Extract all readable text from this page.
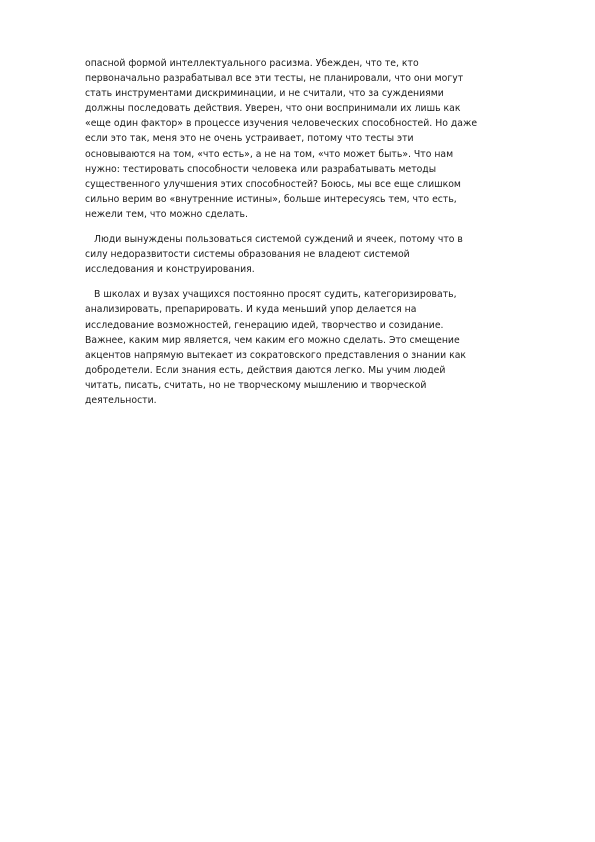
опасной формой интеллектуального расизма. Убежден, что те, кто
первоначально разрабатывал все эти тесты, не планировали, что они могут
стать инструментами дискриминации, и не считали, что за суждениями
должны последовать действия. Уверен, что они воспринимали их лишь как
«еще один фактор» в процессе изучения человеческих способностей. Но даже
если это так, меня это не очень устраивает, потому что тесты эти
основываются на том, «что есть», а не на том, «что может быть». Что нам
нужно: тестировать способности человека или разрабатывать методы
существенного улучшения этих способностей? Боюсь, мы все еще слишком
сильно верим во «внутренние истины», больше интересуясь тем, что есть,
нежели тем, что можно сделать.

Люди вынуждены пользоваться системой суждений и ячеек, потому что в
силу недоразвитости системы образования не владеют системой
исследования и конструирования.

В школах и вузах учащихся постоянно просят судить, категоризировать,
анализировать, препарировать. И куда меньший упор делается на
исследование возможностей, генерацию идей, творчество и созидание.
Важнее, каким мир является, чем каким его можно сделать. Это смещение
акцентов напрямую вытекает из сократовского представления о знании как
добродетели. Если знания есть, действия даются легко. Мы учим людей
читать, писать, считать, но не творческому мышлению и творческой
деятельности.
